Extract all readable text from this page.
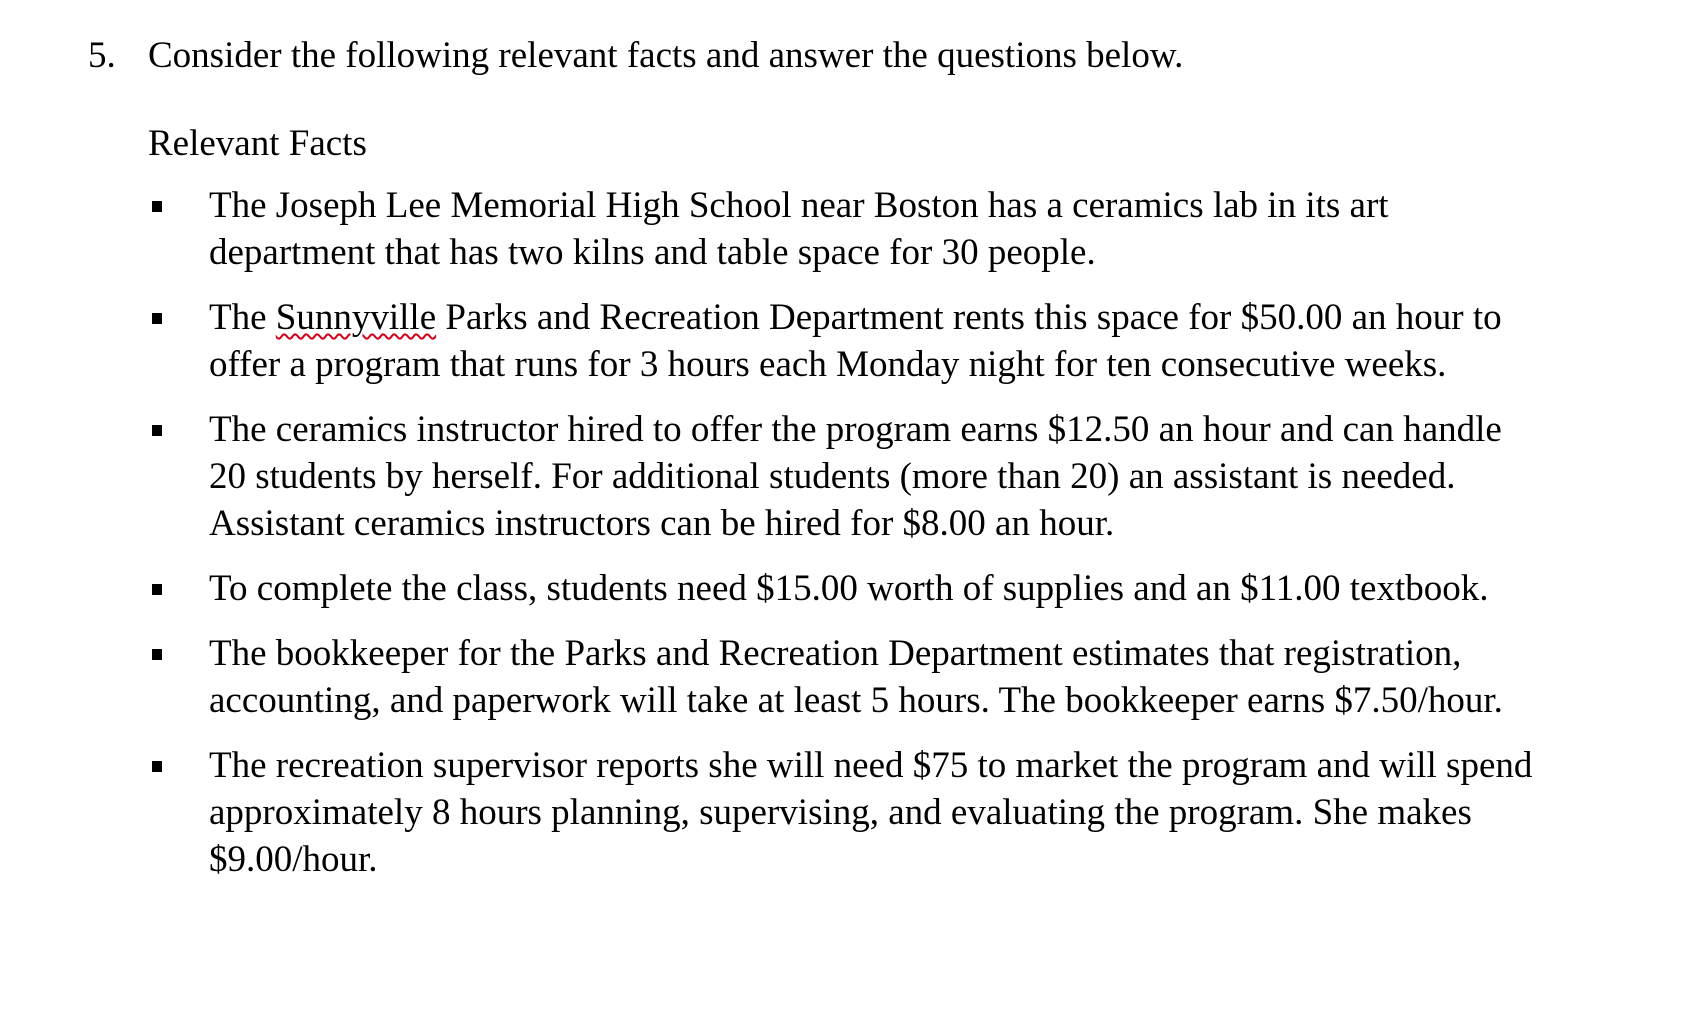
5. Consider the following relevant facts and answer the questions below.
Relevant Facts
The Joseph Lee Memorial High School near Boston has a ceramics lab in its art
department that has two kilns and table space for 30 people.
The Sunnyville Parks and Recreation Department rents this space for $50.00 an hour to
offer a program that runs for 3 hours each Monday night for ten consecutive weeks.
The ceramics instructor hired to offer the program earns $12.50 an hour and can handle
20 students by herself. For additional students (more than 20) an assistant is needed.
Assistant ceramics instructors can be hired for $8.00 an hour.
To complete the class, students need $15.00 worth of supplies and an $11.00 textbook.
The bookkeeper for the Parks and Recreation Department estimates that registration,
accounting, and paperwork will take at least 5 hours. The bookkeeper earns $7.50/hour.
The recreation supervisor reports she will need $75 to market the program and will spend
approximately 8 hours planning, supervising, and evaluating the program. She makes
$9.00/hour.
